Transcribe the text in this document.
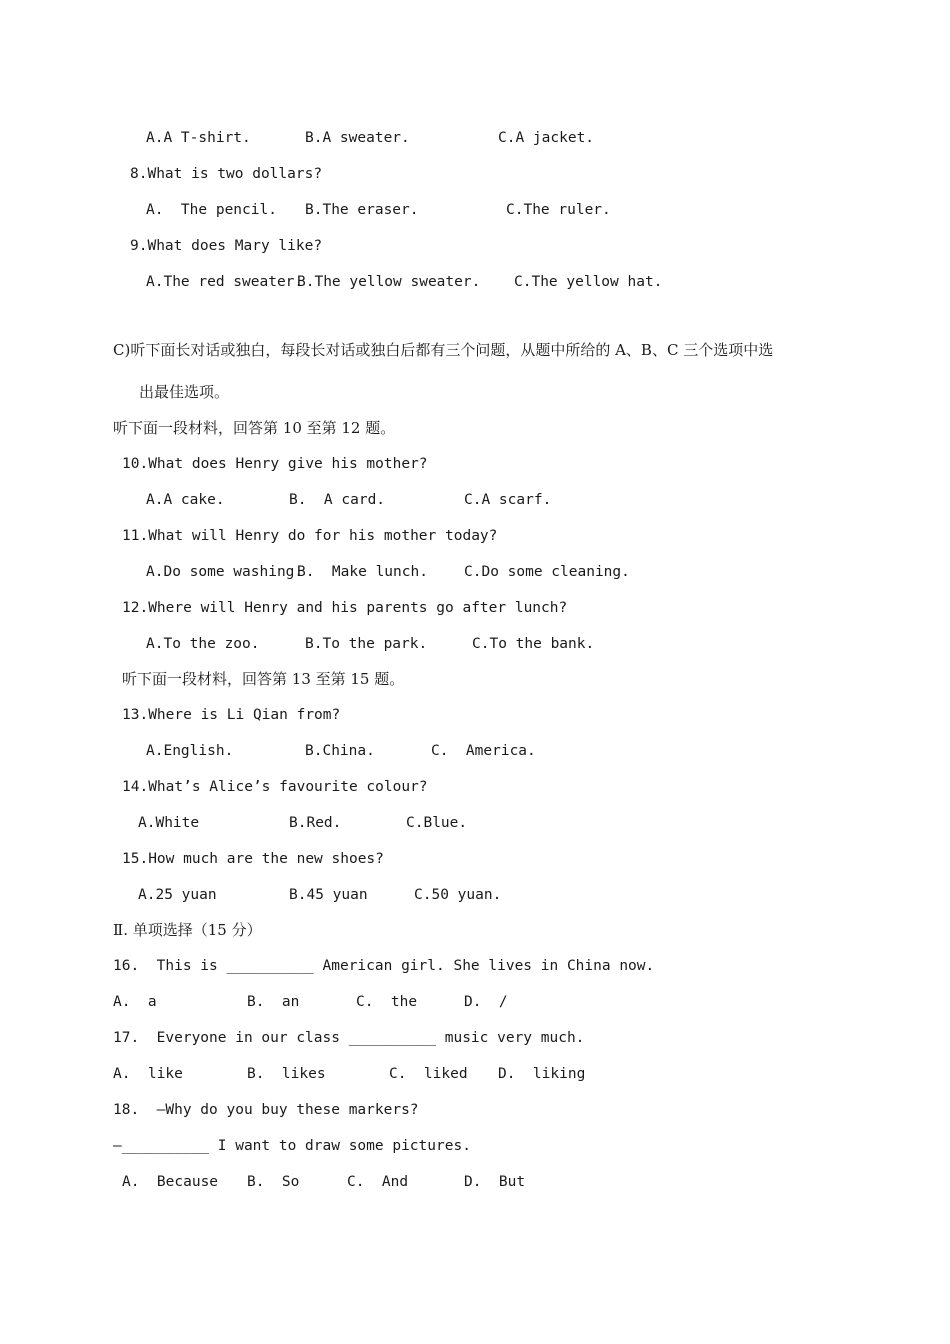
A.A T-shirt.	B.A sweater.	C.A jacket.
8.What is two dollars?
A.  The pencil. B.The eraser.	C.The ruler.
9.What does Mary like?
A.The red sweater.
B.The yellow sweater. C.The yellow hat.
C)听下面长对话或独白，每段长对话或独白后都有三个问题，从题中所给的 A、B、C 三个选项中选
出最佳选项。
听下面一段材料，回答第 10 至第 12 题。
10.What does Henry give his mother?
A.A cake.	B.  A card.	C.A scarf.
11.What will Henry do for his mother today?
A.Do some washing.
B.  Make lunch. C.Do some cleaning.
12.Where will Henry and his parents go after lunch?
A.To the zoo.	B.To the park.	C.To the bank.
听下面一段材料，回答第 13 至第 15 题。
13.Where is Li Qian from?
A.English.	B.China.	C.  America.
14.What’s Alice’s favourite colour?
A.White	B.Red.	C.Blue.
15.How much are the new shoes?
A.25 yuan	B.45 yuan	C.50 yuan.
Ⅱ. 单项选择（15 分）
16.  This is __________ American girl. She lives in China now.
A.  a	B.  an	C.  the	D.  /
17.  Everyone in our class __________ music very much.
A.  like	B.  likes	C.  liked D.  liking
18.  —Why do you buy these markers?
—__________ I want to draw some pictures.
A.  Because B.  So	C.  And	D.  But
